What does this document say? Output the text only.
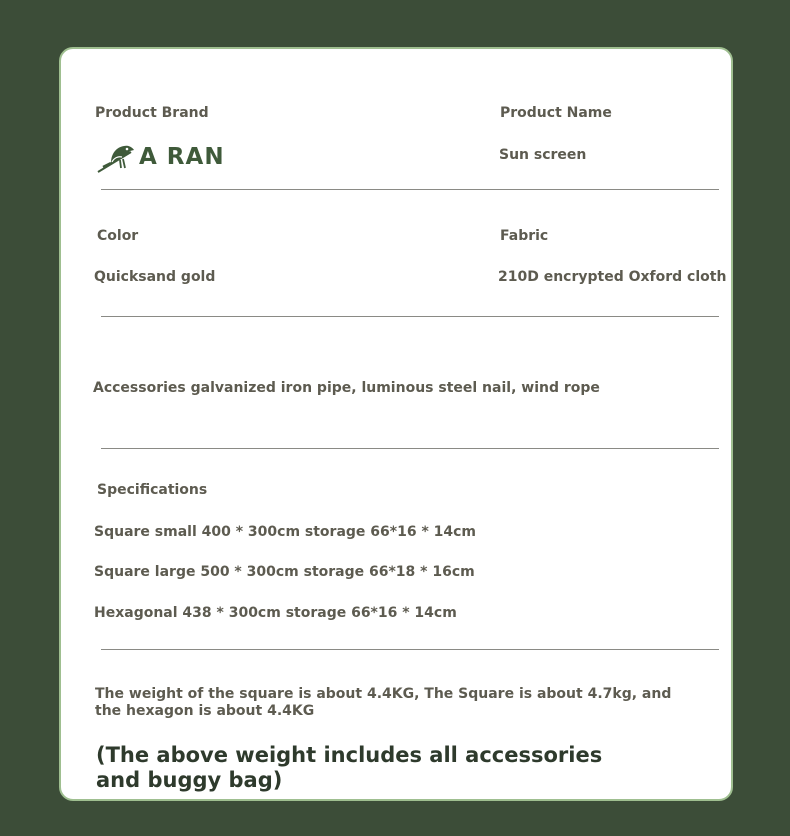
Product Brand	Product Name
A RAN	Sun screen
Color	Fabric
Quicksand gold	210D encrypted Oxford cloth
Accessories galvanized iron pipe, luminous steel nail, wind rope
Specifications
Square small 400 * 300cm storage 66*16 * 14cm
Square large 500 * 300cm storage 66*18 * 16cm
Hexagonal 438 * 300cm storage 66*16 * 14cm
The weight of the square is about 4.4KG, The Square is about 4.7kg, and the hexagon is about 4.4KG
(The above weight includes all accessories and buggy bag)
